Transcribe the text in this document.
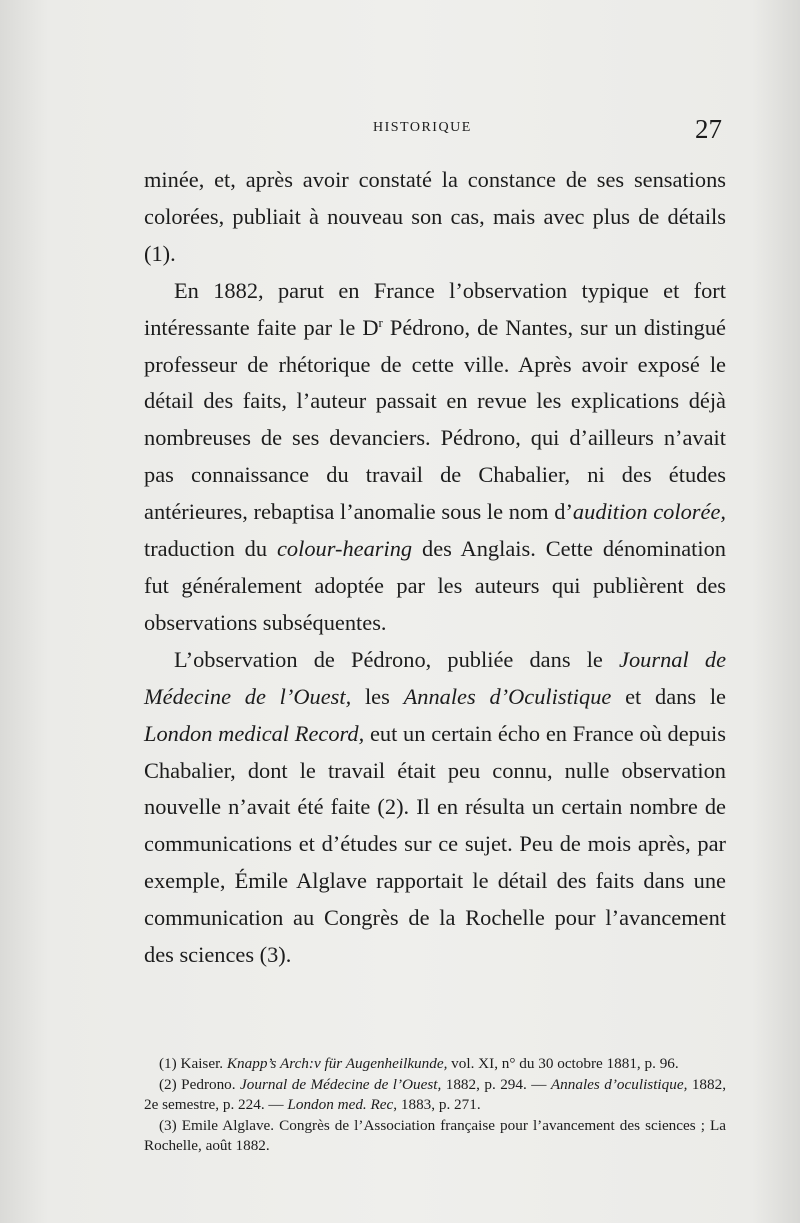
HISTORIQUE	27

minée, et, après avoir constaté la constance de ses sensations colorées, publiait à nouveau son cas, mais avec plus de détails (1).

En 1882, parut en France l’observation typique et fort intéressante faite par le $D^r$ Pédrono, de Nantes, sur un distingué professeur de rhétorique de cette ville. Après avoir exposé le détail des faits, l’auteur passait en revue les explications déjà nombreuses de ses devanciers. Pédrono, qui d’ailleurs n’avait pas connaissance du travail de Chabalier, ni des études antérieures, rebaptisa l’anomalie sous le nom d’audition colorée, traduction du colour-hearing des Anglais. Cette dénomination fut généralement adoptée par les auteurs qui publièrent des observations subséquentes.

L’observation de Pédrono, publiée dans le Journal de Médecine de l’Ouest, les Annales d’Oculistique et dans le London medical Record, eut un certain écho en France où depuis Chabalier, dont le travail était peu connu, nulle observation nouvelle n’avait été faite (2). Il en résulta un certain nombre de communications et d’études sur ce sujet. Peu de mois après, par exemple, Émile Alglave rapportait le détail des faits dans une communication au Congrès de la Rochelle pour l’avancement des sciences (3).

(1) Kaiser. Knapp’s Arch:v für Augenheilkunde, vol. XI, n° du 30 octobre 1881, p. 96.

(2) Pedrono. Journal de Médecine de l’Ouest, 1882, p. 294. — Annales d’oculistique, 1882, 2e semestre, p. 224. — London med. Rec, 1883, p. 271.

(3) Emile Alglave. Congrès de l’Association française pour l’avancement des sciences ; La Rochelle, août 1882.
